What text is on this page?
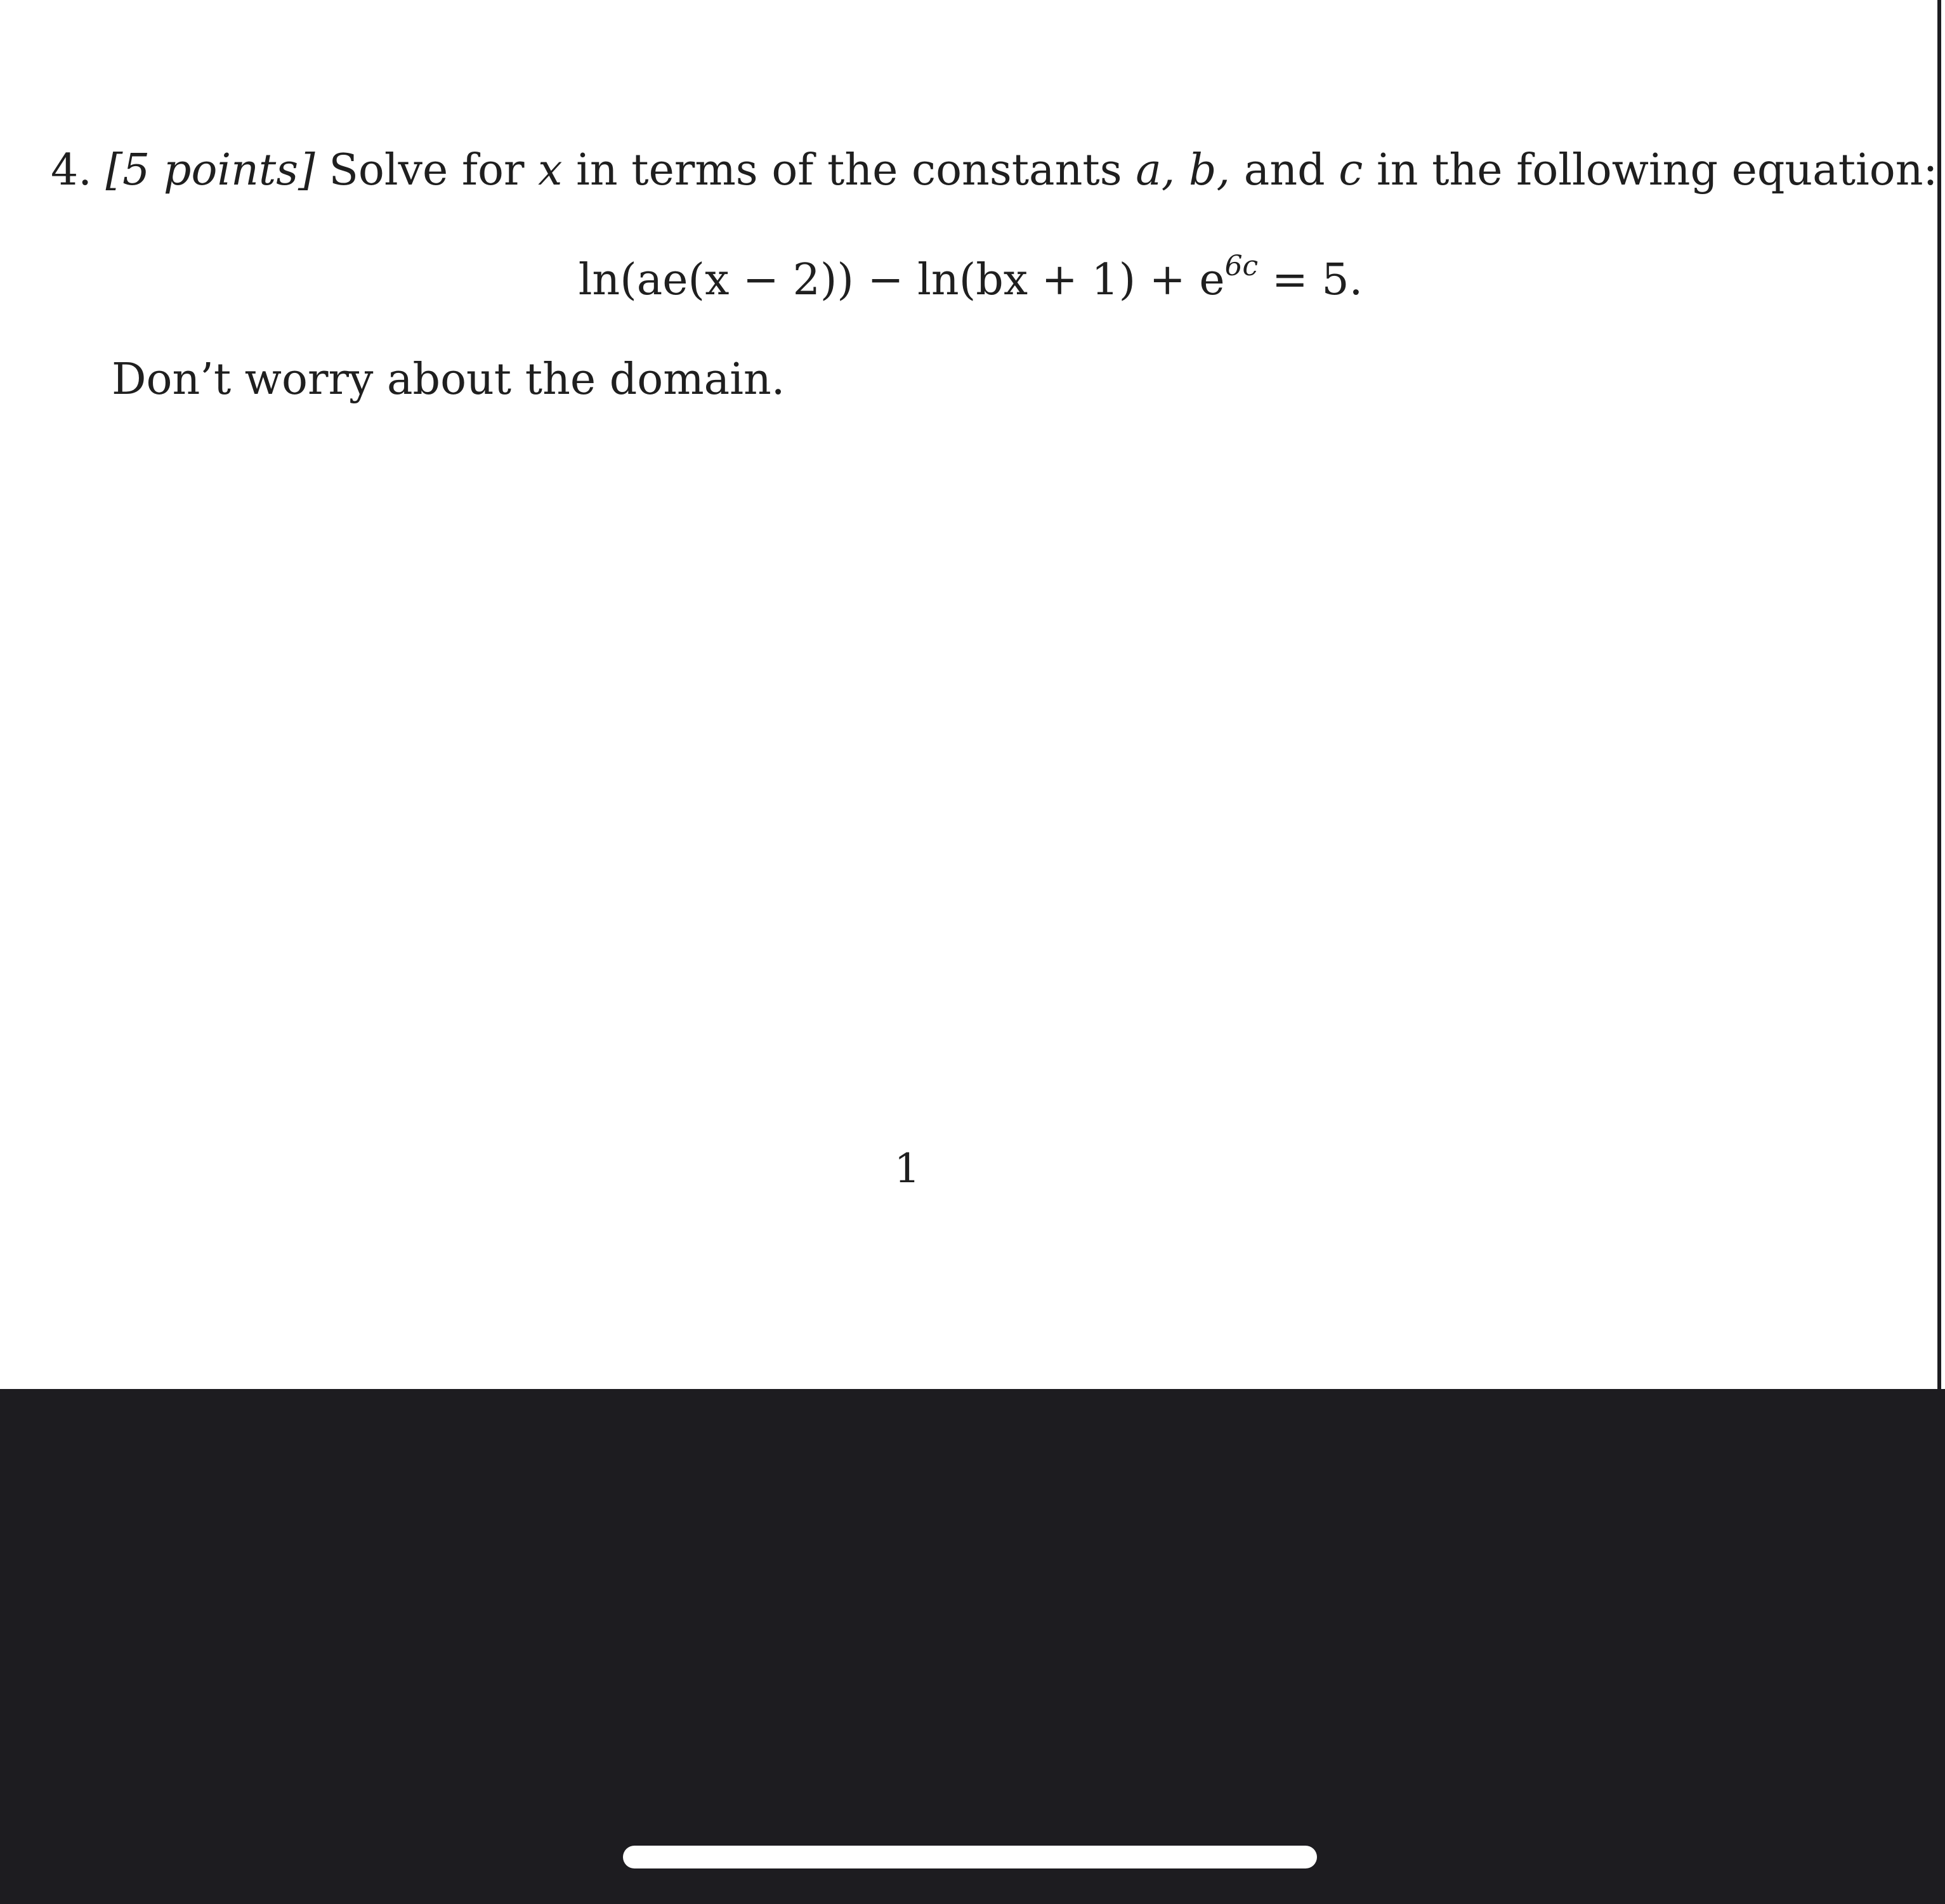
4. [5 points] Solve for x in terms of the constants a, b, and c in the following equation:
$\ln(ae(x - 2)) - \ln(bx + 1) + e^{6c} = 5$.
Don’t worry about the domain.
1
